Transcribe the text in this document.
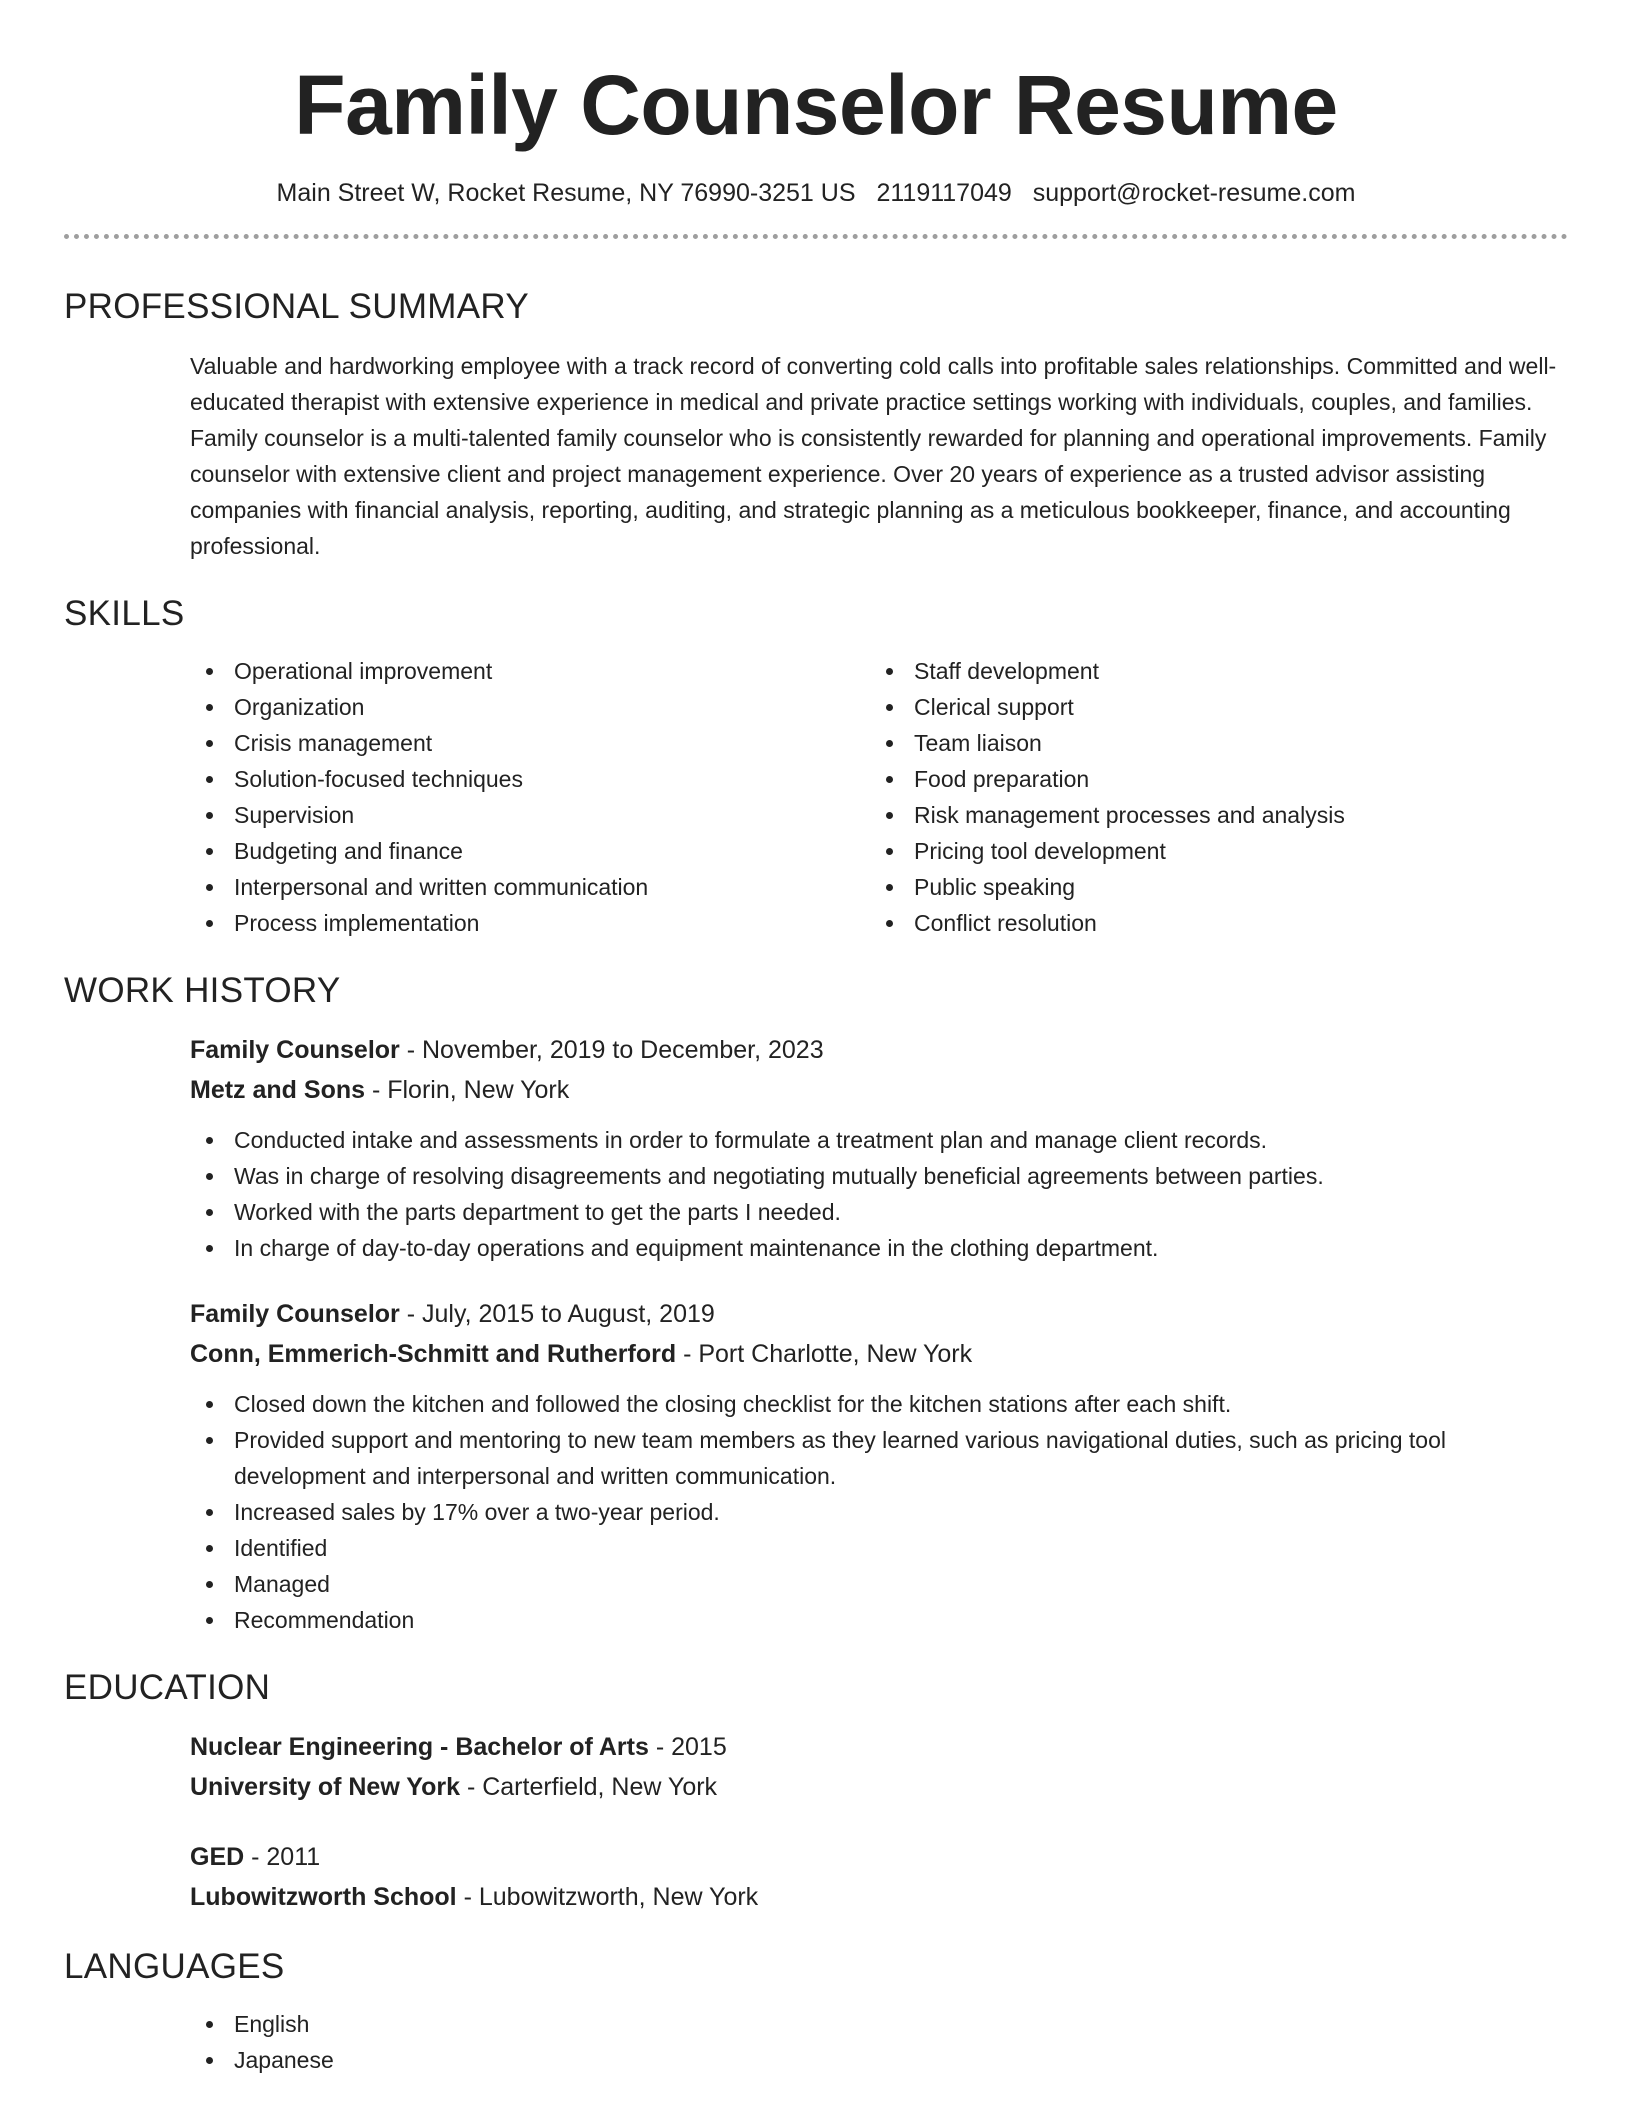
Family Counselor Resume
Main Street W, Rocket Resume, NY 76990-3251 US 2119117049 support@rocket-resume.com
PROFESSIONAL SUMMARY

Valuable and hardworking employee with a track record of converting cold calls into profitable sales relationships. Committed and well-educated therapist with extensive experience in medical and private practice settings working with individuals, couples, and families. Family counselor is a multi-talented family counselor who is consistently rewarded for planning and operational improvements. Family counselor with extensive client and project management experience. Over 20 years of experience as a trusted advisor assisting companies with financial analysis, reporting, auditing, and strategic planning as a meticulous bookkeeper, finance, and accounting professional.

SKILLS
Operational improvement
Organization
Crisis management
Solution-focused techniques
Supervision
Budgeting and finance
Interpersonal and written communication
Process implementation
Staff development
Clerical support
Team liaison
Food preparation
Risk management processes and analysis
Pricing tool development
Public speaking
Conflict resolution
WORK HISTORY
Family Counselor - November, 2019 to December, 2023
Metz and Sons - Florin, New York
Conducted intake and assessments in order to formulate a treatment plan and manage client records.
Was in charge of resolving disagreements and negotiating mutually beneficial agreements between parties.
Worked with the parts department to get the parts I needed.
In charge of day-to-day operations and equipment maintenance in the clothing department.
Family Counselor - July, 2015 to August, 2019
Conn, Emmerich-Schmitt and Rutherford - Port Charlotte, New York
Closed down the kitchen and followed the closing checklist for the kitchen stations after each shift.
Provided support and mentoring to new team members as they learned various navigational duties, such as pricing tool development and interpersonal and written communication.
Increased sales by 17% over a two-year period.
Identified
Managed
Recommendation
EDUCATION
Nuclear Engineering - Bachelor of Arts - 2015
University of New York - Carterfield, New York
GED - 2011
Lubowitzworth School - Lubowitzworth, New York
LANGUAGES
English
Japanese
